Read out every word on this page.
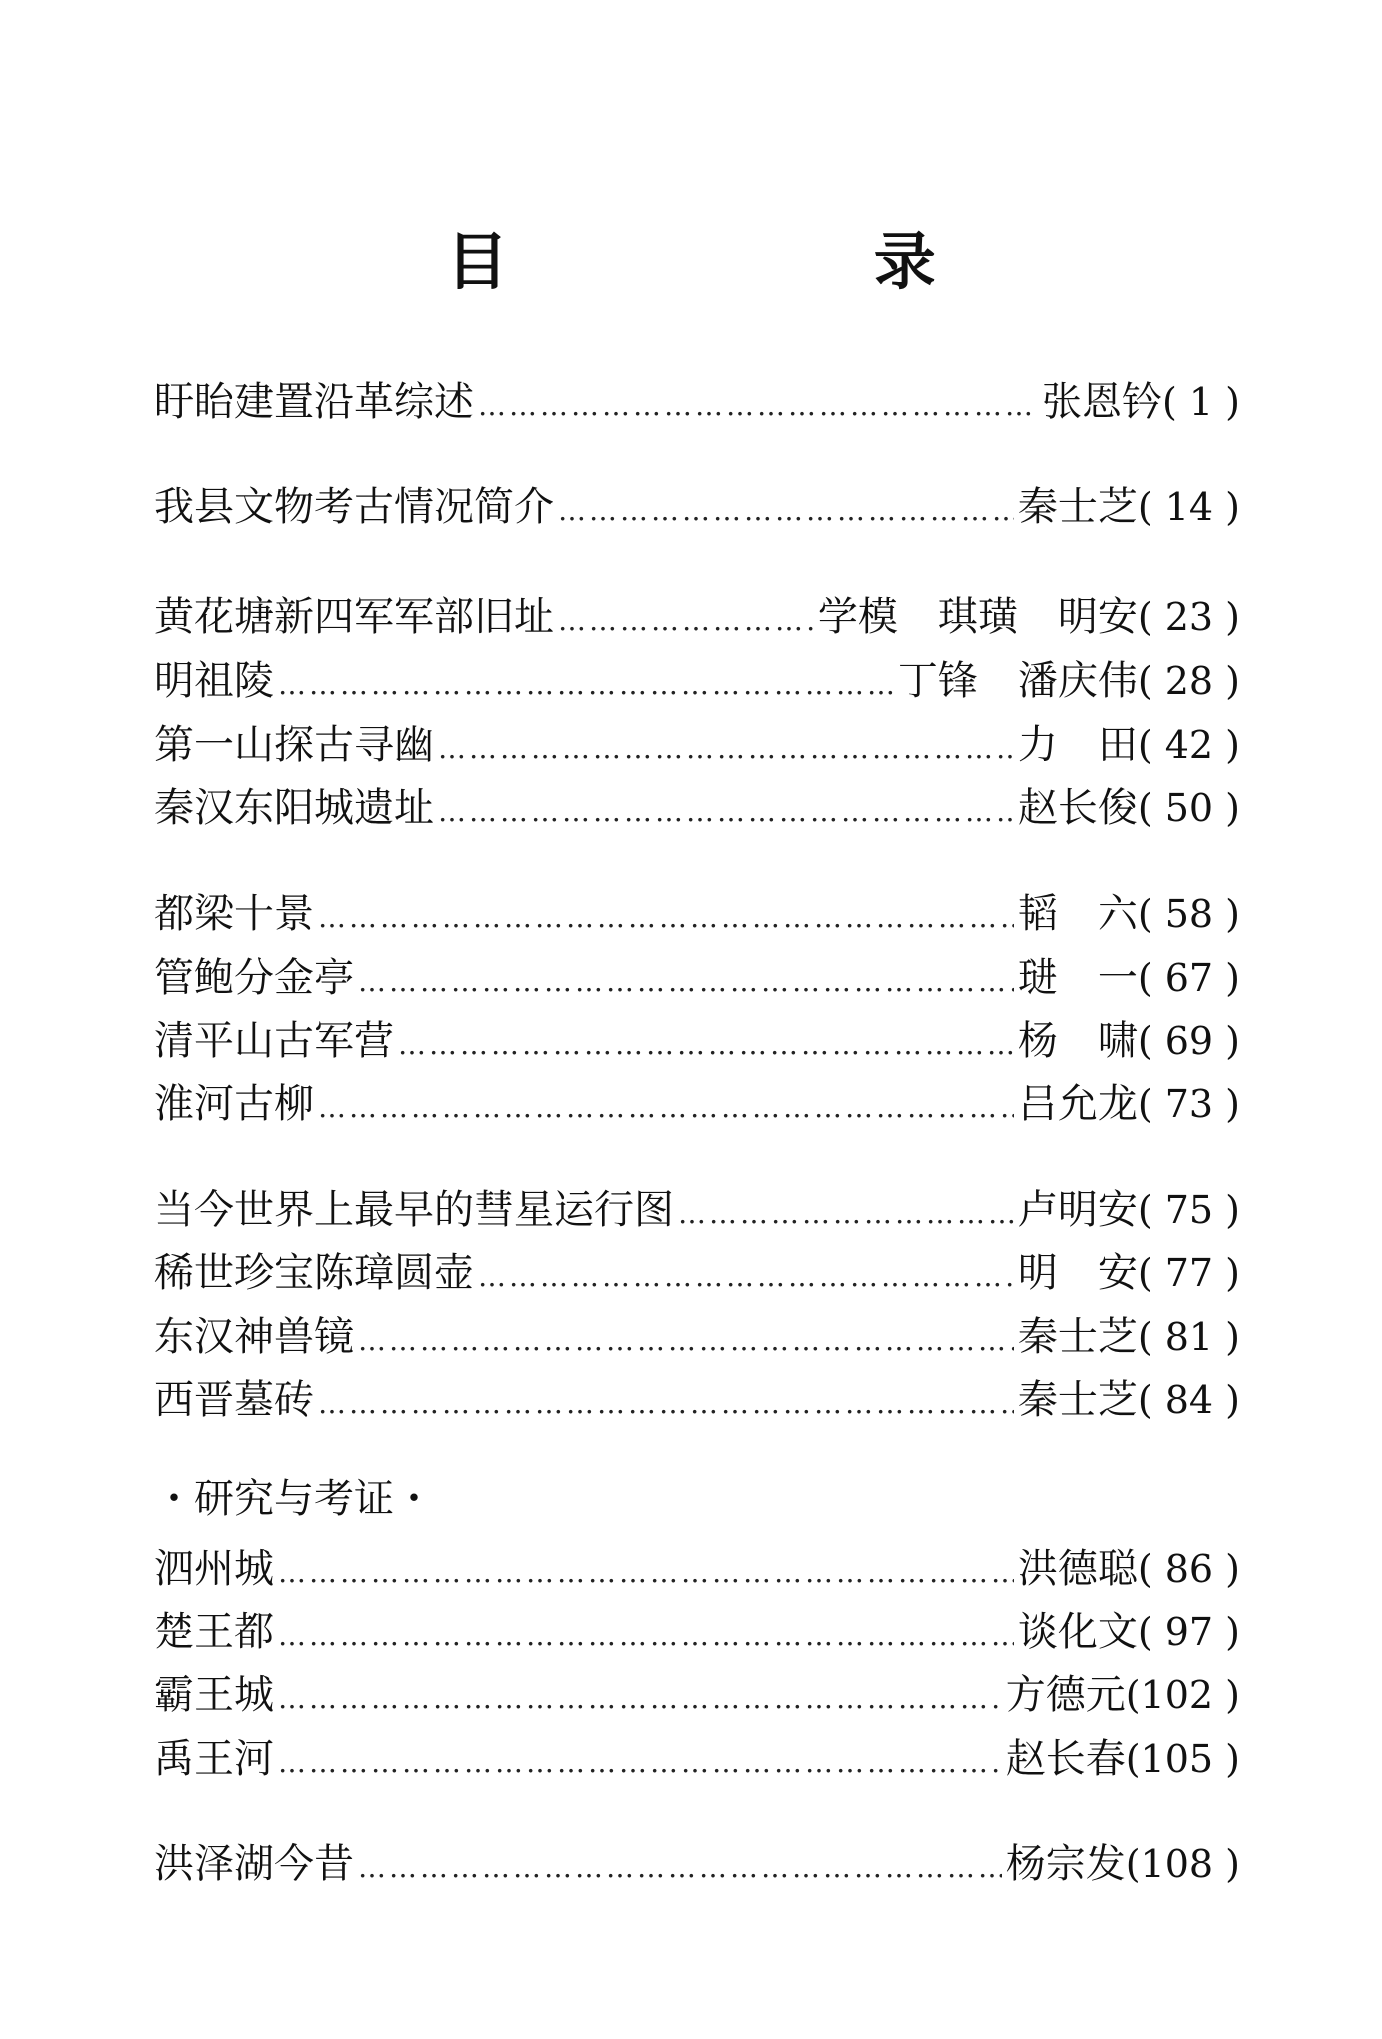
目 录
盱眙建置沿革综述 ………………………………………………………………………………………………………………………………………………………………	张恩钤 ( 1 )
我县文物考古情况简介 ………………………………………………………………………………………………………………………………………………………………	秦士芝 ( 14 )
黄花塘新四军军部旧址 ………………………………………………………………………………………………………………………………………………………………	学模　琪璜　明安 ( 23 )
明祖陵 ………………………………………………………………………………………………………………………………………………………………	丁锋　潘庆伟 ( 28 )
第一山探古寻幽 ………………………………………………………………………………………………………………………………………………………………	力　田 ( 42 )
秦汉东阳城遗址 ………………………………………………………………………………………………………………………………………………………………	赵长俊 ( 50 )
都梁十景 ………………………………………………………………………………………………………………………………………………………………	韬　六 ( 58 )
管鲍分金亭 ………………………………………………………………………………………………………………………………………………………………	琎　一 ( 67 )
清平山古军营 ………………………………………………………………………………………………………………………………………………………………	杨　啸 ( 69 )
淮河古柳 ………………………………………………………………………………………………………………………………………………………………	吕允龙 ( 73 )
当今世界上最早的彗星运行图 ………………………………………………………………………………………………………………………………………………………………	卢明安 ( 75 )
稀世珍宝陈璋圆壶 ………………………………………………………………………………………………………………………………………………………………	明　安 ( 77 )
东汉神兽镜 ………………………………………………………………………………………………………………………………………………………………	秦士芝 ( 81 )
西晋墓砖 ………………………………………………………………………………………………………………………………………………………………	秦士芝 ( 84 )
・研究与考证・
泗州城 ………………………………………………………………………………………………………………………………………………………………	洪德聪 ( 86 )
楚王都 ………………………………………………………………………………………………………………………………………………………………	谈化文 ( 97 )
霸王城 ………………………………………………………………………………………………………………………………………………………………	方德元 (102 )
禹王河 ………………………………………………………………………………………………………………………………………………………………	赵长春 (105 )
洪泽湖今昔 ………………………………………………………………………………………………………………………………………………………………	杨宗发 (108 )
